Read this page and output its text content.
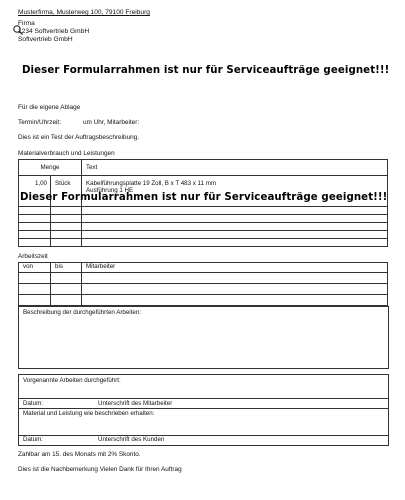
Musterfirma, Musterweg 100, 79100 Freiburg
Firma
1234 Softvertrieb GmbH
Softvertrieb GmbH
Dieser Formularrahmen ist nur für Serviceaufträge geeignet!!!
Für die eigene Ablage
Termin/Uhrzeit:	um Uhr, Mitarbeiter:
Dies ist ein Test der Auftragsbeschreibung.
Materialverbrauch und Leistungen
Menge		Text
1,00	Stück	Kabelführungsplatte 19 Zoll, B x T 483 x 11 mm
Ausführung 1 HE

Dieser Formularrahmen ist nur für Serviceaufträge geeignet!!!
Arbeitszeit
von	bis	Mitarbeiter

Beschreibung der durchgeführten Arbeiten:
Vorgenannte Arbeiten durchgeführt:
Datum:	Unterschrift des Mitarbeiter
Material und Leistung wie beschrieben erhalten:
Datum:	Unterschrift des Kunden
Zahlbar am 15. des Monats mit 2% Skonto.
Dies ist die Nachbemerkung Vielen Dank für Ihren Auftrag
